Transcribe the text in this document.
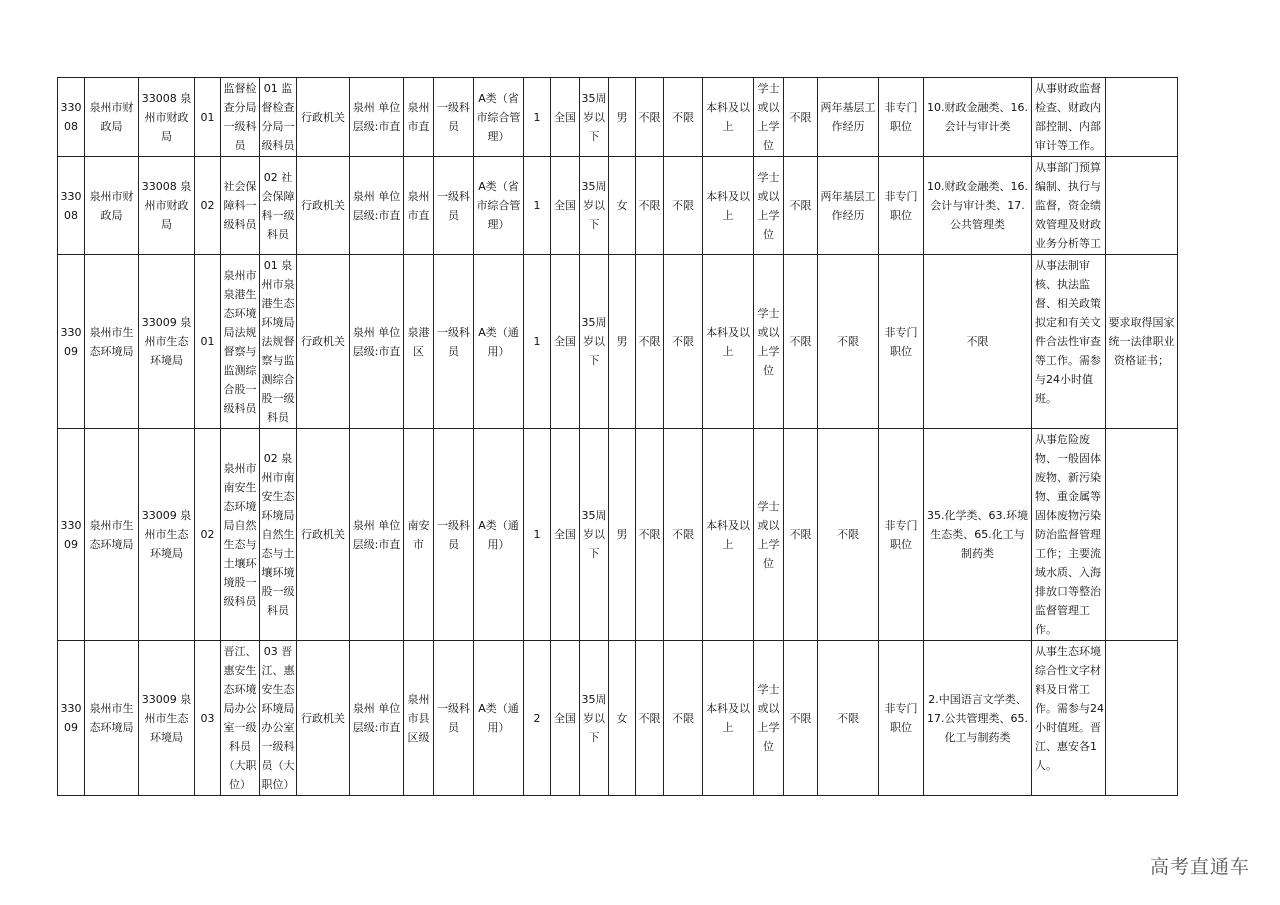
33008	泉州市财政局	33008 泉州市财政局	01	监督检查分局一级科员	01 监督检查分局一级科员	行政机关	泉州 单位层级:市直	泉州市直	一级科员	A类（省市综合管理）	1	全国	35周岁以下	男	不限	不限	本科及以上	学士或以上学位	不限	两年基层工作经历	非专门职位	10.财政金融类、16.会计与审计类	从事财政监督检查、财政内部控制、内部审计等工作。	
33008	泉州市财政局	33008 泉州市财政局	02	社会保障科一级科员	02 社会保障科一级科员	行政机关	泉州 单位层级:市直	泉州市直	一级科员	A类（省市综合管理）	1	全国	35周岁以下	女	不限	不限	本科及以上	学士或以上学位	不限	两年基层工作经历	非专门职位	10.财政金融类、16.会计与审计类、17.公共管理类	从事部门预算编制、执行与监督，资金绩效管理及财政业务分析等工	
33009	泉州市生态环境局	33009 泉州市生态环境局	01	泉州市泉港生态环境局法规督察与监测综合股一级科员	01 泉州市泉港生态环境局法规督察与监测综合股一级科员	行政机关	泉州 单位层级:市直	泉港区	一级科员	A类（通用）	1	全国	35周岁以下	男	不限	不限	本科及以上	学士或以上学位	不限	不限	非专门职位	不限	从事法制审核、执法监督、相关政策拟定和有关文件合法性审查等工作。需参与24小时值班。	要求取得国家统一法律职业资格证书；
33009	泉州市生态环境局	33009 泉州市生态环境局	02	泉州市南安生态环境局自然生态与土壤环境股一级科员	02 泉州市南安生态环境局自然生态与土壤环境股一级科员	行政机关	泉州 单位层级:市直	南安市	一级科员	A类（通用）	1	全国	35周岁以下	男	不限	不限	本科及以上	学士或以上学位	不限	不限	非专门职位	35.化学类、63.环境生态类、65.化工与制药类	从事危险废物、一般固体废物、新污染物、重金属等固体废物污染防治监督管理工作；主要流域水质、入海排放口等整治监督管理工作。	
33009	泉州市生态环境局	33009 泉州市生态环境局	03	晋江、惠安生态环境局办公室一级科员（大职位）	03 晋江、惠安生态环境局办公室一级科员（大职位）	行政机关	泉州 单位层级:市直	泉州市县区级	一级科员	A类（通用）	2	全国	35周岁以下	女	不限	不限	本科及以上	学士或以上学位	不限	不限	非专门职位	2.中国语言文学类、17.公共管理类、65.化工与制药类	从事生态环境综合性文字材料及日常工作。需参与24小时值班。晋江、惠安各1人。	
高考直通车
